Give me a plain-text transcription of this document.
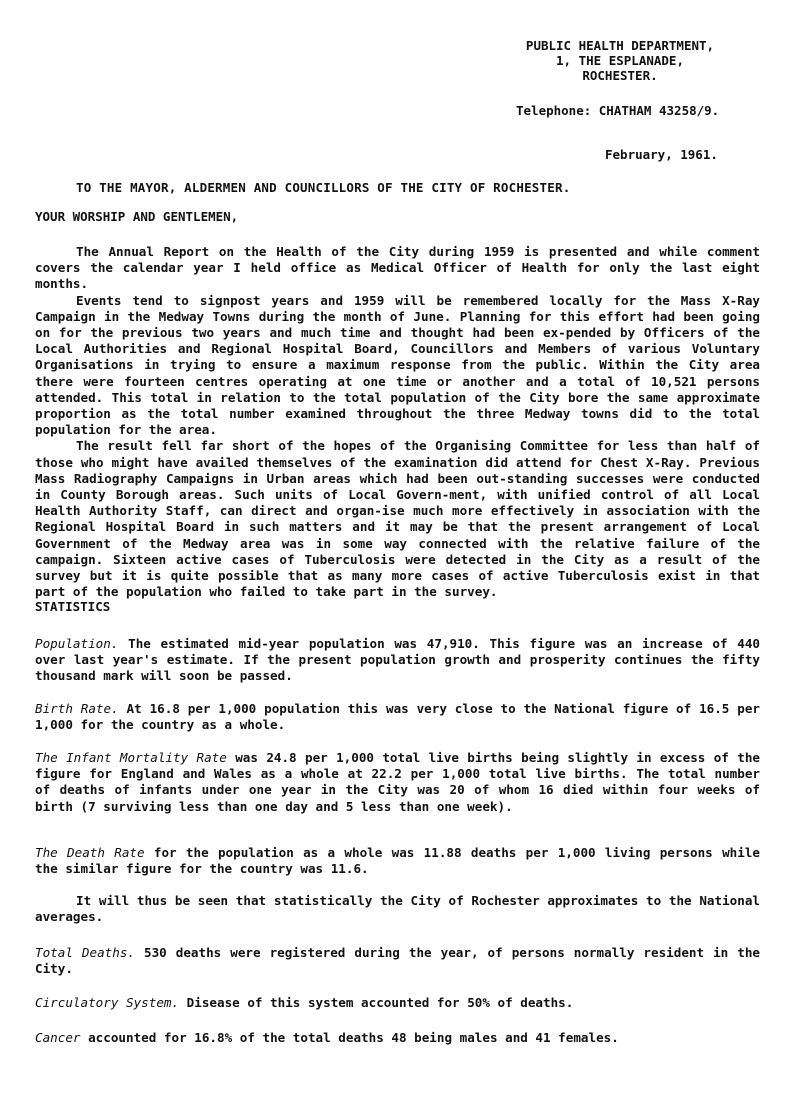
PUBLIC HEALTH DEPARTMENT,
1, THE ESPLANADE,
ROCHESTER.
Telephone: CHATHAM 43258/9.
February, 1961.
TO THE MAYOR, ALDERMEN AND COUNCILLORS OF THE CITY OF ROCHESTER.
YOUR WORSHIP AND GENTLEMEN,

The Annual Report on the Health of the City during 1959 is presented and while comment covers the calendar year I held office as Medical Officer of Health for only the last eight months.

Events tend to signpost years and 1959 will be remembered locally for the Mass X-Ray Campaign in the Medway Towns during the month of June. Planning for this effort had been going on for the previous two years and much time and thought had been ex-pended by Officers of the Local Authorities and Regional Hospital Board, Councillors and Members of various Voluntary Organisations in trying to ensure a maximum response from the public. Within the City area there were fourteen centres operating at one time or another and a total of 10,521 persons attended. This total in relation to the total population of the City bore the same approximate proportion as the total number examined throughout the three Medway towns did to the total population for the area.

The result fell far short of the hopes of the Organising Committee for less than half of those who might have availed themselves of the examination did attend for Chest X-Ray. Previous Mass Radiography Campaigns in Urban areas which had been out-standing successes were conducted in County Borough areas. Such units of Local Govern-ment, with unified control of all Local Health Authority Staff, can direct and organ-ise much more effectively in association with the Regional Hospital Board in such matters and it may be that the present arrangement of Local Government of the Medway area was in some way connected with the relative failure of the campaign. Sixteen active cases of Tuberculosis were detected in the City as a result of the survey but it is quite possible that as many more cases of active Tuberculosis exist in that part of the population who failed to take part in the survey.

STATISTICS

Population. The estimated mid-year population was 47,910. This figure was an increase of 440 over last year's estimate. If the present population growth and prosperity continues the fifty thousand mark will soon be passed.

Birth Rate. At 16.8 per 1,000 population this was very close to the National figure of 16.5 per 1,000 for the country as a whole.

The Infant Mortality Rate was 24.8 per 1,000 total live births being slightly in excess of the figure for England and Wales as a whole at 22.2 per 1,000 total live births. The total number of deaths of infants under one year in the City was 20 of whom 16 died within four weeks of birth (7 surviving less than one day and 5 less than one week).

The Death Rate for the population as a whole was 11.88 deaths per 1,000 living persons while the similar figure for the country was 11.6.

It will thus be seen that statistically the City of Rochester approximates to the National averages.

Total Deaths. 530 deaths were registered during the year, of persons normally resident in the City.

Circulatory System. Disease of this system accounted for 50% of deaths.

Cancer accounted for 16.8% of the total deaths 48 being males and 41 females.
